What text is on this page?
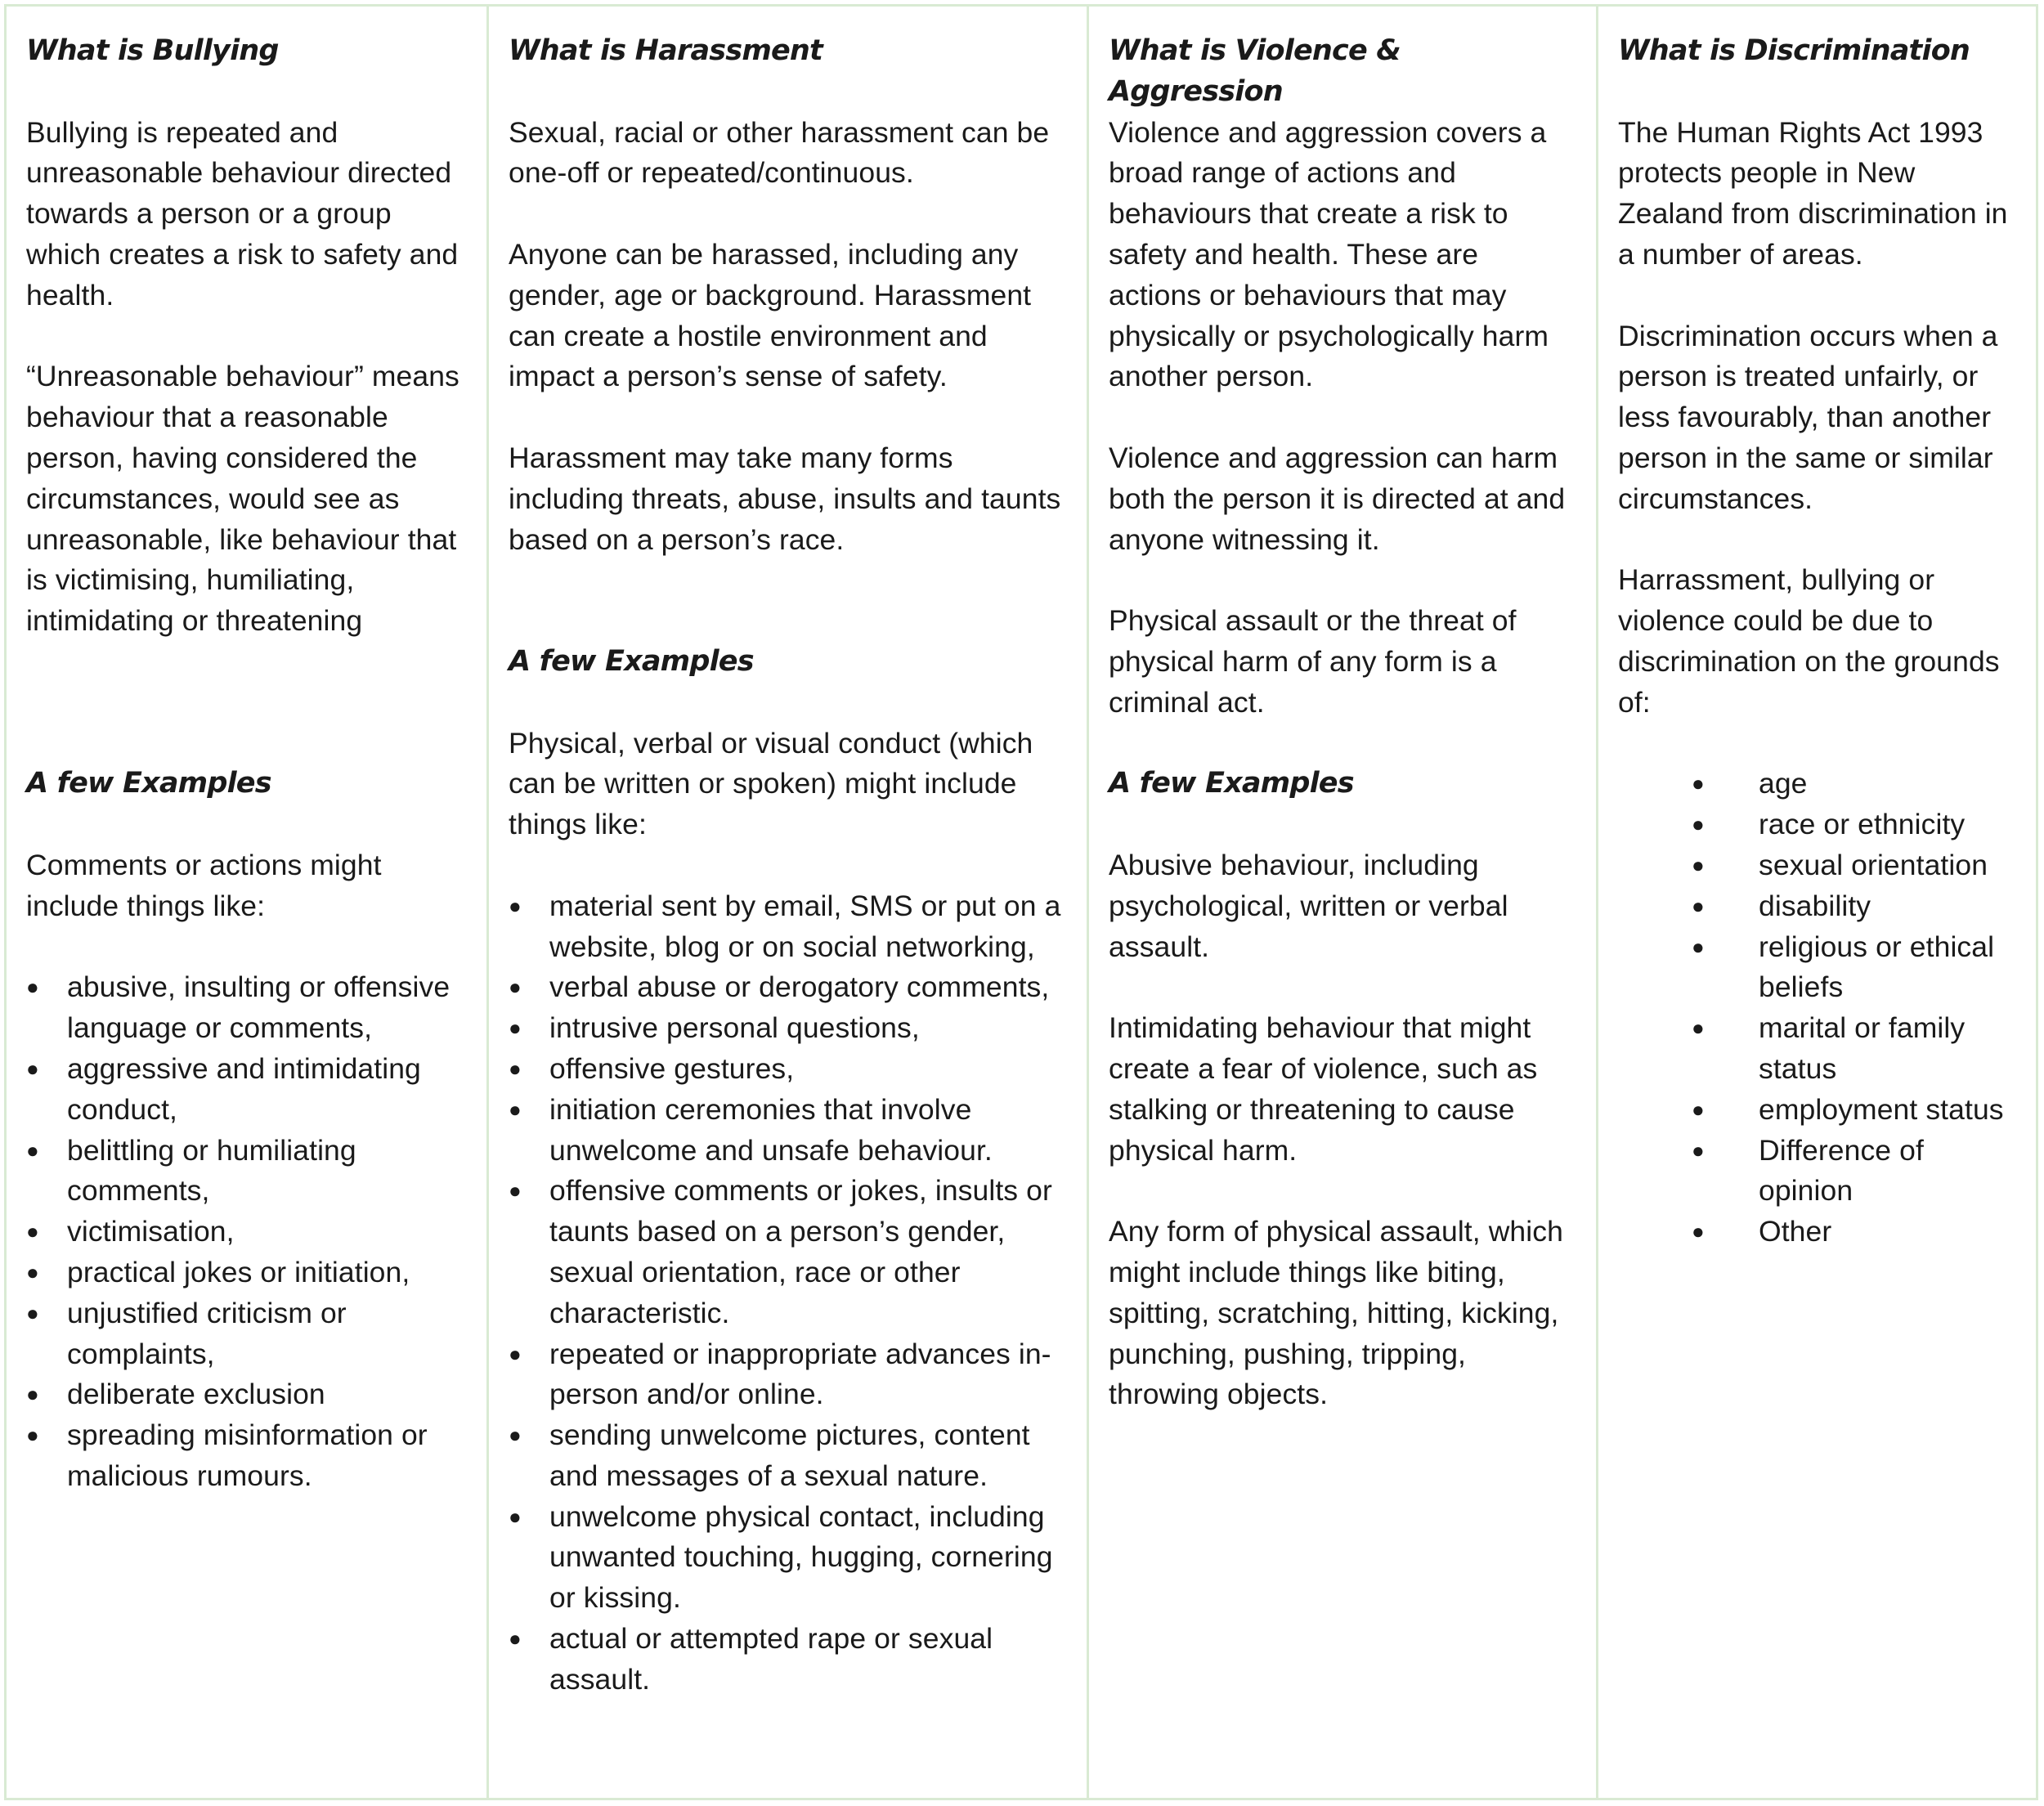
What is Bullying

Bullying is repeated and unreasonable behaviour directed towards a person or a group which creates a risk to safety and health.

“Unreasonable behaviour” means behaviour that a reasonable person, having considered the circumstances, would see as unreasonable, like behaviour that is victimising, humiliating, intimidating or threatening

A few Examples

Comments or actions might include things like:

● abusive, insulting or offensive language or comments,
● aggressive and intimidating conduct,
● belittling or humiliating comments,
● victimisation,
● practical jokes or initiation,
● unjustified criticism or complaints,
● deliberate exclusion
● spreading misinformation or malicious rumours.
What is Harassment

Sexual, racial or other harassment can be one-off or repeated/continuous.

Anyone can be harassed, including any gender, age or background. Harassment can create a hostile environment and impact a person’s sense of safety.

Harassment may take many forms including threats, abuse, insults and taunts based on a person’s race.

A few Examples

Physical, verbal or visual conduct (which can be written or spoken) might include things like:

● material sent by email, SMS or put on a website, blog or on social networking,
● verbal abuse or derogatory comments,
● intrusive personal questions,
● offensive gestures,
● initiation ceremonies that involve unwelcome and unsafe behaviour.
● offensive comments or jokes, insults or taunts based on a person’s gender, sexual orientation, race or other characteristic.
● repeated or inappropriate advances in-person and/or online.
● sending unwelcome pictures, content and messages of a sexual nature.
● unwelcome physical contact, including unwanted touching, hugging, cornering or kissing.
● actual or attempted rape or sexual assault.
What is Violence & Aggression

Violence and aggression covers a broad range of actions and behaviours that create a risk to safety and health. These are actions or behaviours that may physically or psychologically harm another person.

Violence and aggression can harm both the person it is directed at and anyone witnessing it.

Physical assault or the threat of physical harm of any form is a criminal act.

A few Examples

Abusive behaviour, including psychological, written or verbal assault.

Intimidating behaviour that might create a fear of violence, such as stalking or threatening to cause physical harm.

Any form of physical assault, which might include things like biting, spitting, scratching, hitting, kicking, punching, pushing, tripping, throwing objects.

What is Discrimination

The Human Rights Act 1993 protects people in New Zealand from discrimination in a number of areas.

Discrimination occurs when a person is treated unfairly, or less favourably, than another person in the same or similar circumstances.

Harrassment, bullying or violence could be due to discrimination on the grounds of:

● age
● race or ethnicity
● sexual orientation
● disability
● religious or ethical beliefs
● marital or family status
● employment status
● Difference of opinion
● Other
